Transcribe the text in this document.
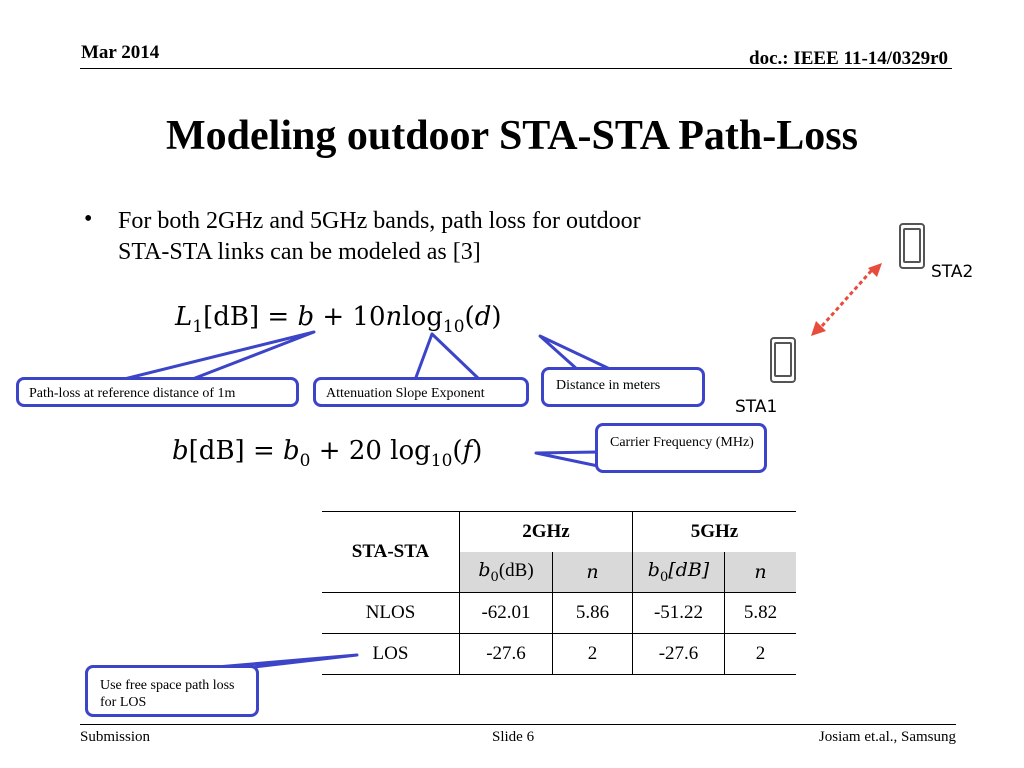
Mar 2014	doc.: IEEE 11-14/0329r0
Modeling outdoor STA-STA Path-Loss
• For both 2GHz and 5GHz bands, path loss for outdoor STA-STA links can be modeled as [3]
$L_1[dB] = b + 10nlog_{10}(d)$
$b[dB] = b_0 + 20$ $\log_{10}(f)$
Path-loss at reference distance of 1m	Attenuation Slope Exponent
Distance in meters
Carrier Frequency (MHz)
Use free space path loss for LOS
STA2
STA1
STA-STA	2GHz		5GHz	
	$b_0(dB)$	n	$b_0[dB]$	n
NLOS	-62.01	5.86	-51.22	5.82
LOS	-27.6	2	-27.6	2
Submission	Slide 6	Josiam et.al., Samsung
